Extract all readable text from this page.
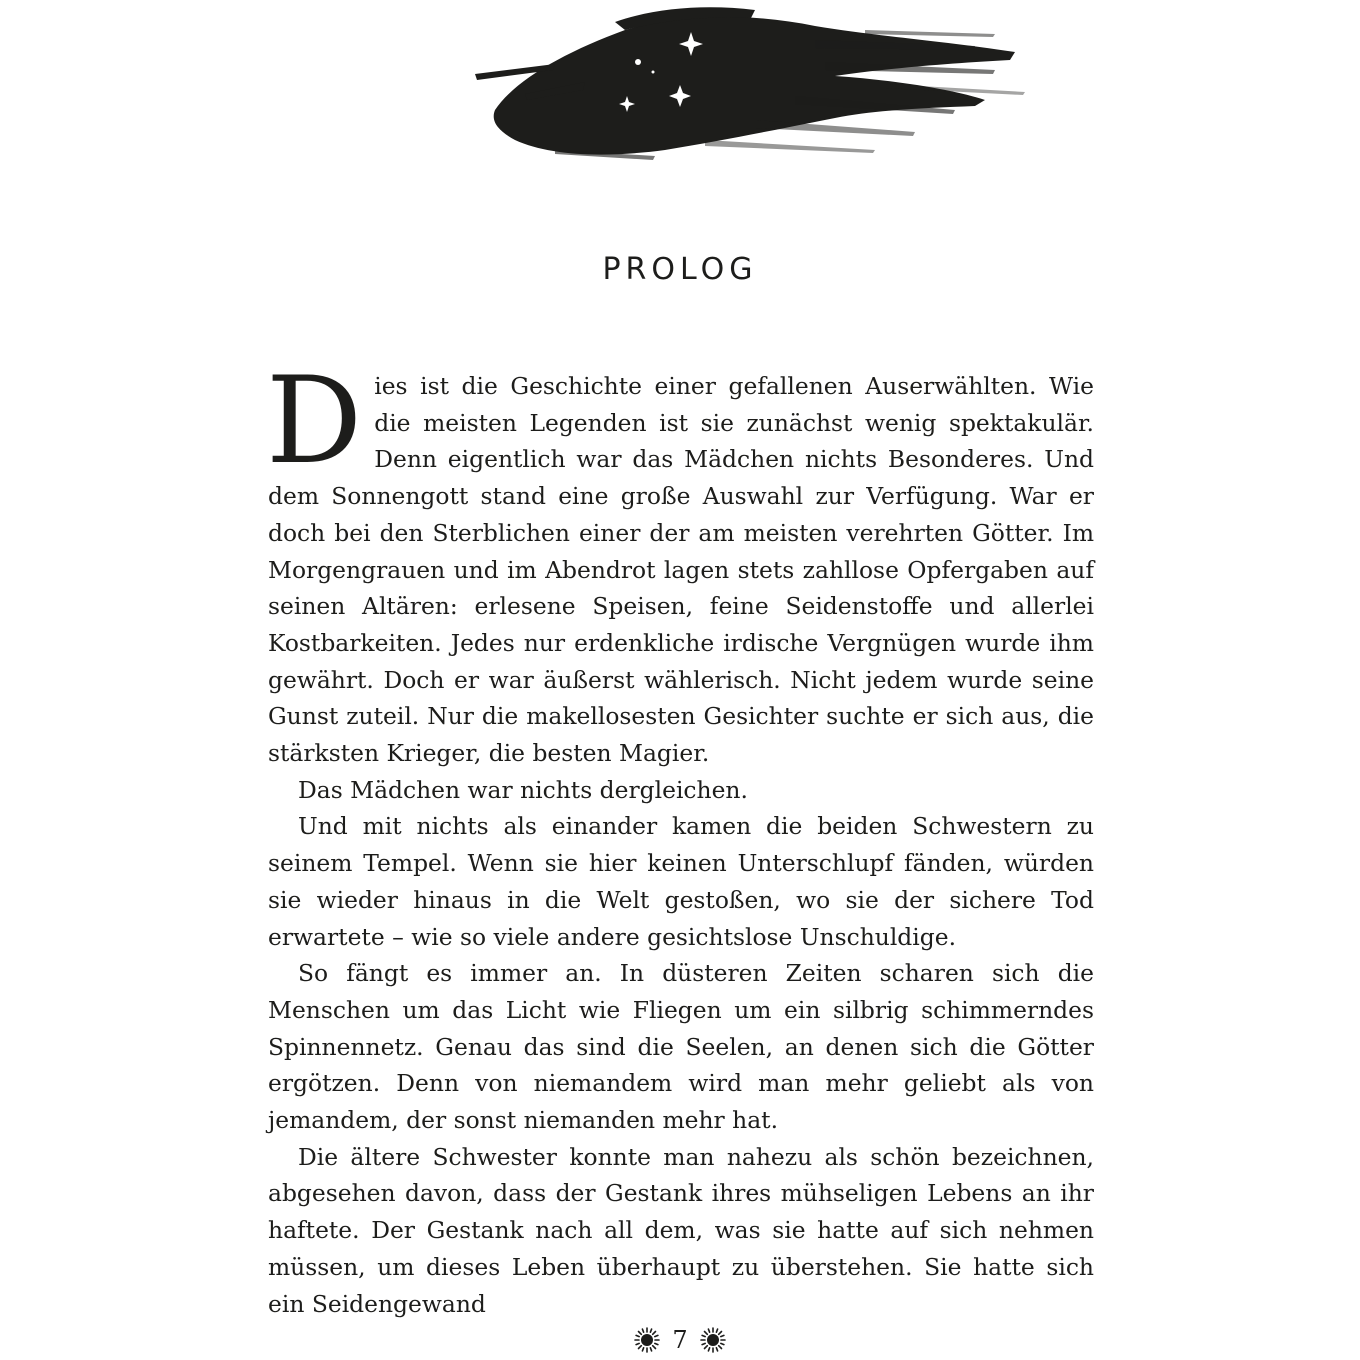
PROLOG

Dies ist die Geschichte einer gefallenen Auserwählten. Wie die meisten Legenden ist sie zunächst wenig spektakulär. Denn eigentlich war das Mädchen nichts Besonderes. Und dem Sonnengott stand eine große Auswahl zur Verfügung. War er doch bei den Sterblichen einer der am meisten verehrten Götter. Im Morgengrauen und im Abendrot lagen stets zahllose Opfergaben auf seinen Altären: erlesene Speisen, feine Seidenstoffe und allerlei Kostbarkeiten. Jedes nur erdenkliche irdische Vergnügen wurde ihm gewährt. Doch er war äußerst wählerisch. Nicht jedem wurde seine Gunst zuteil. Nur die makellosesten Gesichter suchte er sich aus, die stärksten Krieger, die besten Magier.

Das Mädchen war nichts dergleichen.

Und mit nichts als einander kamen die beiden Schwestern zu seinem Tempel. Wenn sie hier keinen Unterschlupf fänden, würden sie wieder hinaus in die Welt gestoßen, wo sie der sichere Tod erwartete – wie so viele andere gesichtslose Unschuldige.

So fängt es immer an. In düsteren Zeiten scharen sich die Menschen um das Licht wie Fliegen um ein silbrig schimmerndes Spinnennetz. Genau das sind die Seelen, an denen sich die Götter ergötzen. Denn von niemandem wird man mehr geliebt als von jemandem, der sonst niemanden mehr hat.

Die ältere Schwester konnte man nahezu als schön bezeichnen, abgesehen davon, dass der Gestank ihres mühseligen Lebens an ihr haftete. Der Gestank nach all dem, was sie hatte auf sich nehmen müssen, um dieses Leben überhaupt zu überstehen. Sie hatte sich ein Seidengewand

7
